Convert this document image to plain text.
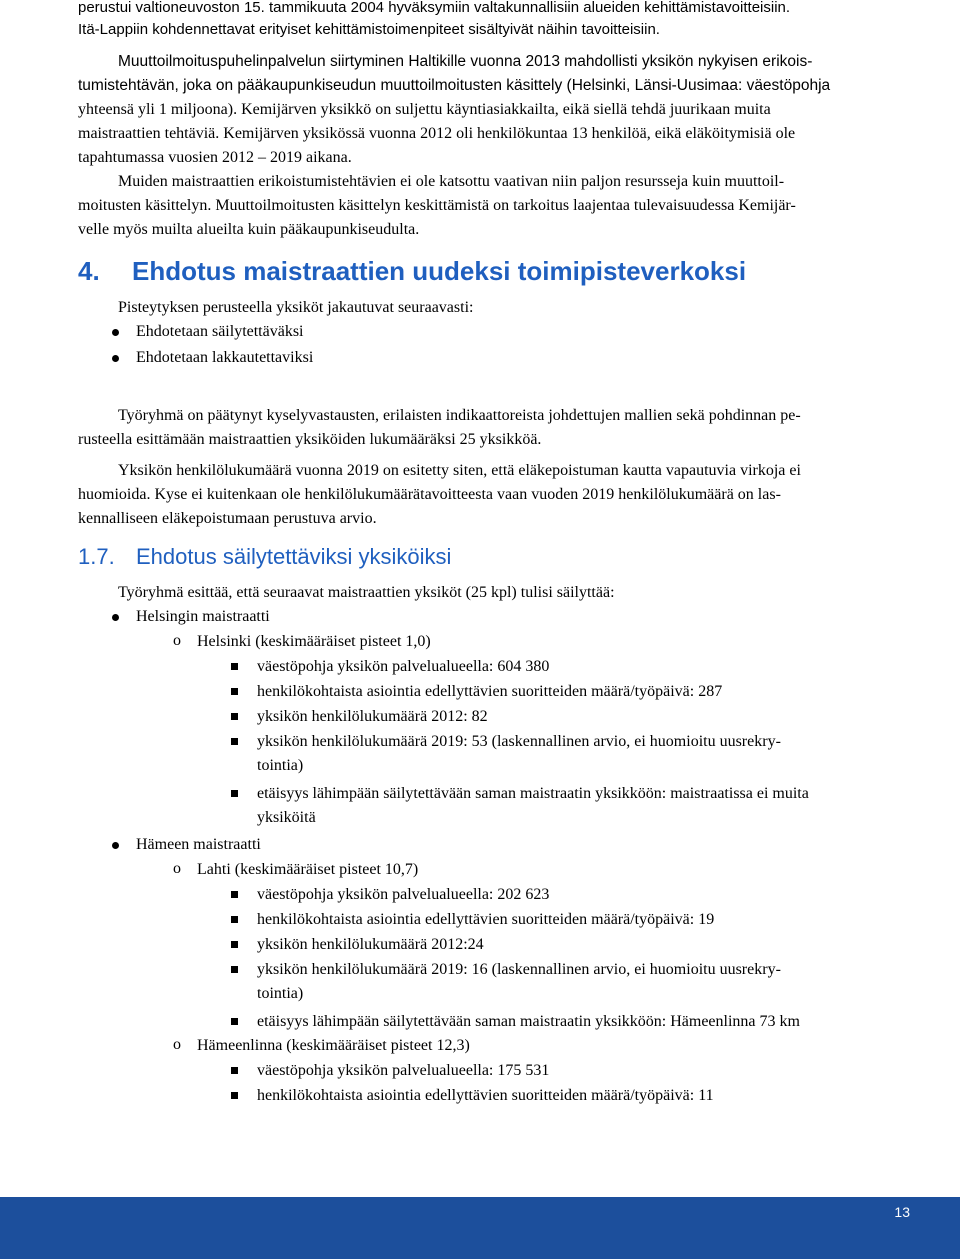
perustui valtioneuvoston 15. tammikuuta 2004 hyväksymiin valtakunnallisiin alueiden kehittämistavoitteisiin.

Itä-Lappiin kohdennettavat erityiset kehittämistoimenpiteet sisältyivät näihin tavoitteisiin.

Muuttoilmoituspuhelinpalvelun siirtyminen Haltikille vuonna 2013 mahdollisti yksikön nykyisen erikois-
tumistehtävän, joka on pääkaupunkiseudun muuttoilmoitusten käsittely (Helsinki, Länsi-Uusimaa: väestöpohja
yhteensä yli 1 miljoona). Kemijärven yksikkö on suljettu käyntiasiakkailta, eikä siellä tehdä juurikaan muita
maistraattien tehtäviä. Kemijärven yksikössä vuonna 2012 oli henkilökuntaa 13 henkilöä, eikä eläköitymisiä ole
tapahtumassa vuosien 2012 – 2019 aikana.
Muiden maistraattien erikoistumistehtävien ei ole katsottu vaativan niin paljon resursseja kuin muuttoil-
moitusten käsittelyn. Muuttoilmoitusten käsittelyn keskittämistä on tarkoitus laajentaa tulevaisuudessa Kemijär-
velle myös muilta alueilta kuin pääkaupunkiseudulta.
4. Ehdotus maistraattien uudeksi toimipisteverkoksi
Pisteytyksen perusteella yksiköt jakautuvat seuraavasti:
Ehdotetaan säilytettäväksi
Ehdotetaan lakkautettaviksi
Työryhmä on päätynyt kyselyvastausten, erilaisten indikaattoreista johdettujen mallien sekä pohdinnan pe-
rusteella esittämään maistraattien yksiköiden lukumääräksi 25 yksikköä.
Yksikön henkilölukumäärä vuonna 2019 on esitetty siten, että eläkepoistuman kautta vapautuvia virkoja ei
huomioida. Kyse ei kuitenkaan ole henkilölukumäärätavoitteesta vaan vuoden 2019 henkilölukumäärä on las-
kennalliseen eläkepoistumaan perustuva arvio.
1.7. Ehdotus säilytettäviksi yksiköiksi
Työryhmä esittää, että seuraavat maistraattien yksiköt (25 kpl) tulisi säilyttää:
Helsingin maistraatti
o Helsinki (keskimääräiset pisteet 1,0)
väestöpohja yksikön palvelualueella: 604 380
henkilökohtaista asiointia edellyttävien suoritteiden määrä/työpäivä: 287
yksikön henkilölukumäärä 2012: 82
yksikön henkilölukumäärä 2019: 53 (laskennallinen arvio, ei huomioitu uusrekry-
tointia)
etäisyys lähimpään säilytettävään saman maistraatin yksikköön: maistraatissa ei muita
yksiköitä
Hämeen maistraatti
o Lahti (keskimääräiset pisteet 10,7)
väestöpohja yksikön palvelualueella: 202 623
henkilökohtaista asiointia edellyttävien suoritteiden määrä/työpäivä: 19
yksikön henkilölukumäärä 2012:24
yksikön henkilölukumäärä 2019: 16 (laskennallinen arvio, ei huomioitu uusrekry-
tointia)
etäisyys lähimpään säilytettävään saman maistraatin yksikköön: Hämeenlinna 73 km
o Hämeenlinna (keskimääräiset pisteet 12,3)
väestöpohja yksikön palvelualueella: 175 531
henkilökohtaista asiointia edellyttävien suoritteiden määrä/työpäivä: 11
13
